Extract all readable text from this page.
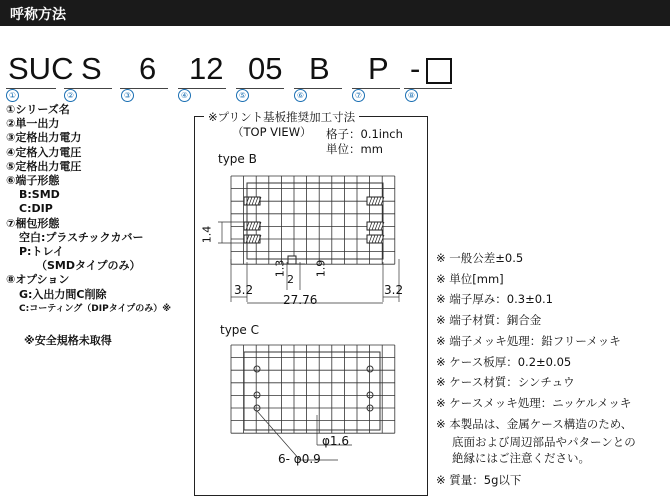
呼称方法
SUC S 6 12 05 B P -
①	②	③	④	⑤	⑥	⑦	⑧
①シリーズ名
②単一出力
③定格出力電力
④定格入力電圧
⑤定格出力電圧
⑥端子形態
B:SMD
C:DIP
⑦梱包形態
空白:プラスチックカバー
P:トレイ
（SMDタイプのみ）
⑧オプション
G:入出力間C削除
C:コーティング（DIPタイプのみ）※
※安全規格未取得
※プリント基板推奨加工寸法
（TOP VIEW） 格子：0.1inch
単位：mm
type B
type C
1.4
1.3
2
1.9
3.2	3.2
27.76
φ1.6
6- φ0.9
※ 一般公差±0.5
※ 単位[mm]
※ 端子厚み：0.3±0.1
※ 端子材質：銅合金
※ 端子メッキ処理：鉛フリーメッキ
※ ケース板厚：0.2±0.05
※ ケース材質：シンチュウ
※ ケースメッキ処理：ニッケルメッキ
※ 本製品は、金属ケース構造のため、
底面および周辺部品やパターンとの
絶縁にはご注意ください。
※ 質量：5g以下
